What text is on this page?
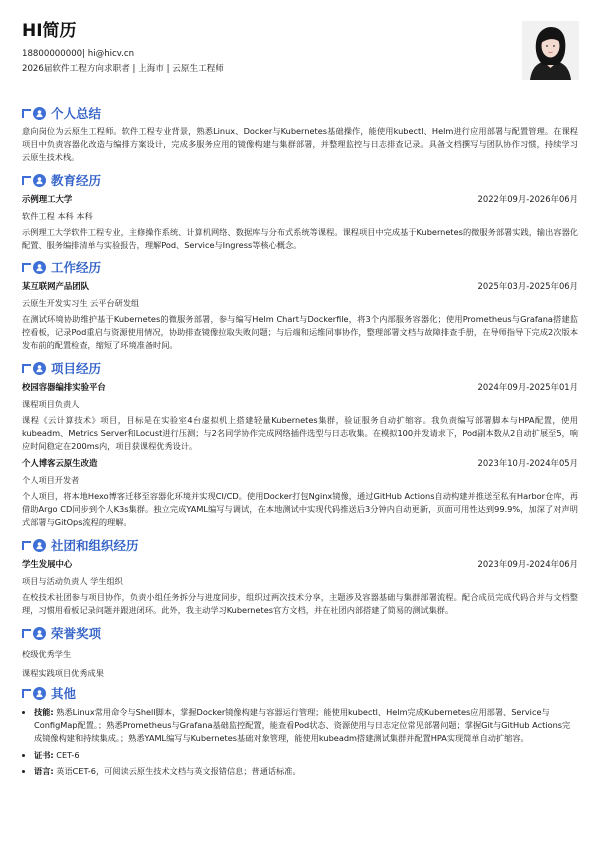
HI简历
18800000000| hi@hicv.cn
2026届软件工程方向求职者 | 上海市 | 云原生工程师
个人总结
意向岗位为云原生工程师。软件工程专业背景，熟悉Linux、Docker与Kubernetes基础操作，能使用kubectl、Helm进行应用部署与配置管理。在课程项目中负责容器化改造与编排方案设计，完成多服务应用的镜像构建与集群部署，并整理监控与日志排查记录。具备文档撰写与团队协作习惯，持续学习云原生技术栈。
教育经历
示例理工大学	2022年09月-2026年06月
软件工程 本科 本科
示例理工大学软件工程专业，主修操作系统、计算机网络、数据库与分布式系统等课程。课程项目中完成基于Kubernetes的微服务部署实践，输出容器化配置、服务编排清单与实验报告，理解Pod、Service与Ingress等核心概念。
工作经历
某互联网产品团队	2025年03月-2025年06月
云原生开发实习生 云平台研发组
在测试环境协助维护基于Kubernetes的微服务部署，参与编写Helm Chart与Dockerfile，将3个内部服务容器化；使用Prometheus与Grafana搭建监控看板，记录Pod重启与资源使用情况，协助排查镜像拉取失败问题；与后端和运维同事协作，整理部署文档与故障排查手册，在导师指导下完成2次版本发布前的配置检查，缩短了环境准备时间。
项目经历
校园容器编排实验平台	2024年09月-2025年01月
课程项目负责人
课程《云计算技术》项目，目标是在实验室4台虚拟机上搭建轻量Kubernetes集群，验证服务自动扩缩容。我负责编写部署脚本与HPA配置，使用kubeadm、Metrics Server和Locust进行压测；与2名同学协作完成网络插件选型与日志收集。在模拟100并发请求下，Pod副本数从2自动扩展至5，响应时间稳定在200ms内，项目获课程优秀设计。
个人博客云原生改造	2023年10月-2024年05月
个人项目开发者
个人项目，将本地Hexo博客迁移至容器化环境并实现CI/CD。使用Docker打包Nginx镜像，通过GitHub Actions自动构建并推送至私有Harbor仓库，再借助Argo CD同步到个人K3s集群。独立完成YAML编写与调试，在本地测试中实现代码推送后3分钟内自动更新，页面可用性达到99.9%，加深了对声明式部署与GitOps流程的理解。
社团和组织经历
学生发展中心	2023年09月-2024年06月
项目与活动负责人 学生组织
在校技术社团参与项目协作，负责小组任务拆分与进度同步，组织过两次技术分享，主题涉及容器基础与集群部署流程。配合成员完成代码合并与文档整理，习惯用看板记录问题并跟进闭环。此外，我主动学习Kubernetes官方文档，并在社团内部搭建了简易的测试集群。
荣誉奖项
校级优秀学生
课程实践项目优秀成果
其他
• 技能: 熟悉Linux常用命令与Shell脚本，掌握Docker镜像构建与容器运行管理；能使用kubectl、Helm完成Kubernetes应用部署、Service与ConfigMap配置。；熟悉Prometheus与Grafana基础监控配置，能查看Pod状态、资源使用与日志定位常见部署问题；掌握Git与GitHub Actions完成镜像构建和持续集成。；熟悉YAML编写与Kubernetes基础对象管理，能使用kubeadm搭建测试集群并配置HPA实现简单自动扩缩容。
• 证书: CET-6
• 语言: 英语CET-6，可阅读云原生技术文档与英文报错信息；普通话标准。
